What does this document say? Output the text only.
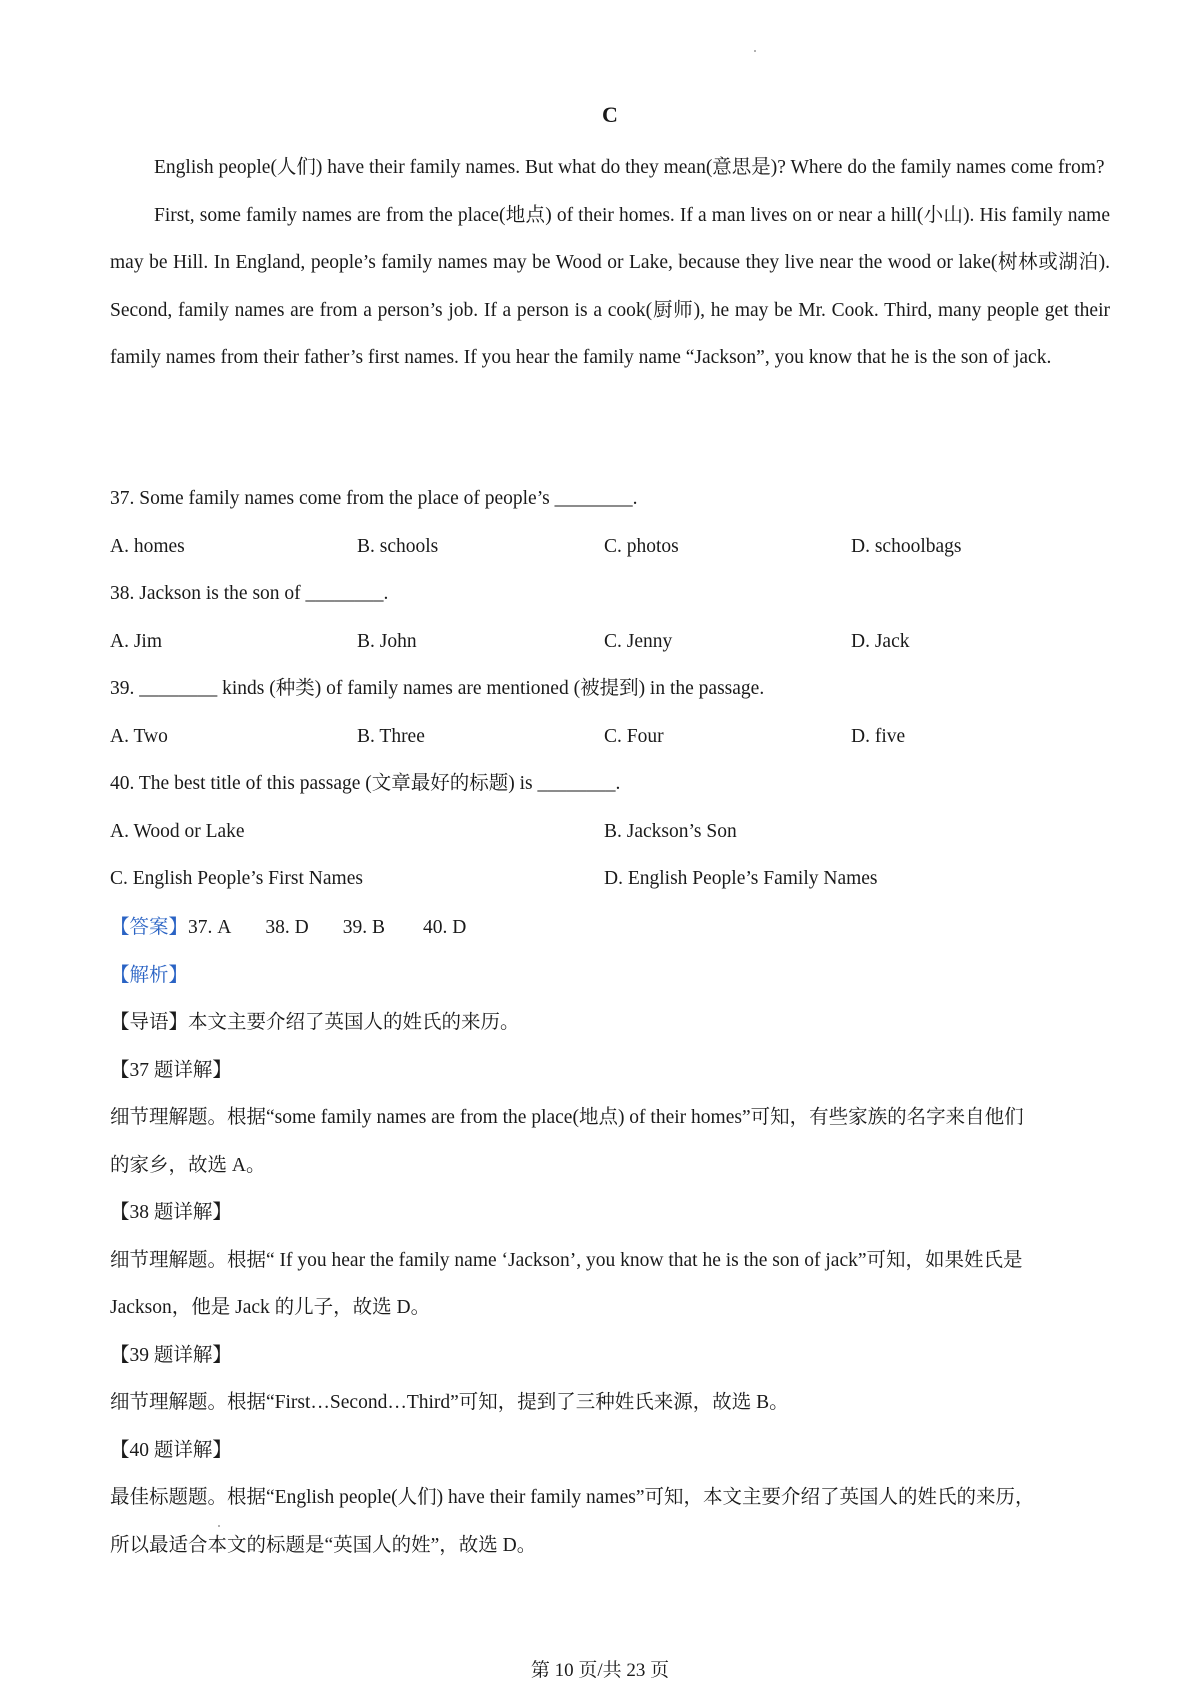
C

English people(人们) have their family names. But what do they mean(意思是)? Where do the family names come from?

First, some family names are from the place(地点) of their homes. If a man lives on or near a hill(小山). His family name may be Hill. In England, people’s family names may be Wood or Lake, because they live near the wood or lake(树林或湖泊). Second, family names are from a person’s job. If a person is a cook(厨师), he may be Mr. Cook. Third, many people get their family names from their father’s first names. If you hear the family name “Jackson”, you know that he is the son of jack.

37. Some family names come from the place of people’s ________.
A. homes	B. schools	C. photos	D. schoolbags
38. Jackson is the son of ________.
A. Jim	B. John	C. Jenny	D. Jack
39. ________ kinds (种类) of family names are mentioned (被提到) in the passage.
A. Two	B. Three	C. Four	D. five
40. The best title of this passage (文章最好的标题) is ________.
A. Wood or Lake	B. Jackson’s Son
C. English People’s First Names	D. English People’s Family Names
【答案】37. A 38. D 39. B 40. D
【解析】
【导语】本文主要介绍了英国人的姓氏的来历。
【37 题详解】
细节理解题。根据“some family names are from the place(地点) of their homes”可知，有些家族的名字来自他们
的家乡，故选 A。
【38 题详解】
细节理解题。根据“ If you hear the family name ‘Jackson’, you know that he is the son of jack”可知，如果姓氏是
Jackson，他是 Jack 的儿子，故选 D。
【39 题详解】
细节理解题。根据“First…Second…Third”可知，提到了三种姓氏来源，故选 B。
【40 题详解】
最佳标题题。根据“English people(人们) have their family names”可知，本文主要介绍了英国人的姓氏的来历，
所以最适合本文的标题是“英国人的姓”，故选 D。
第 10 页/共 23 页
